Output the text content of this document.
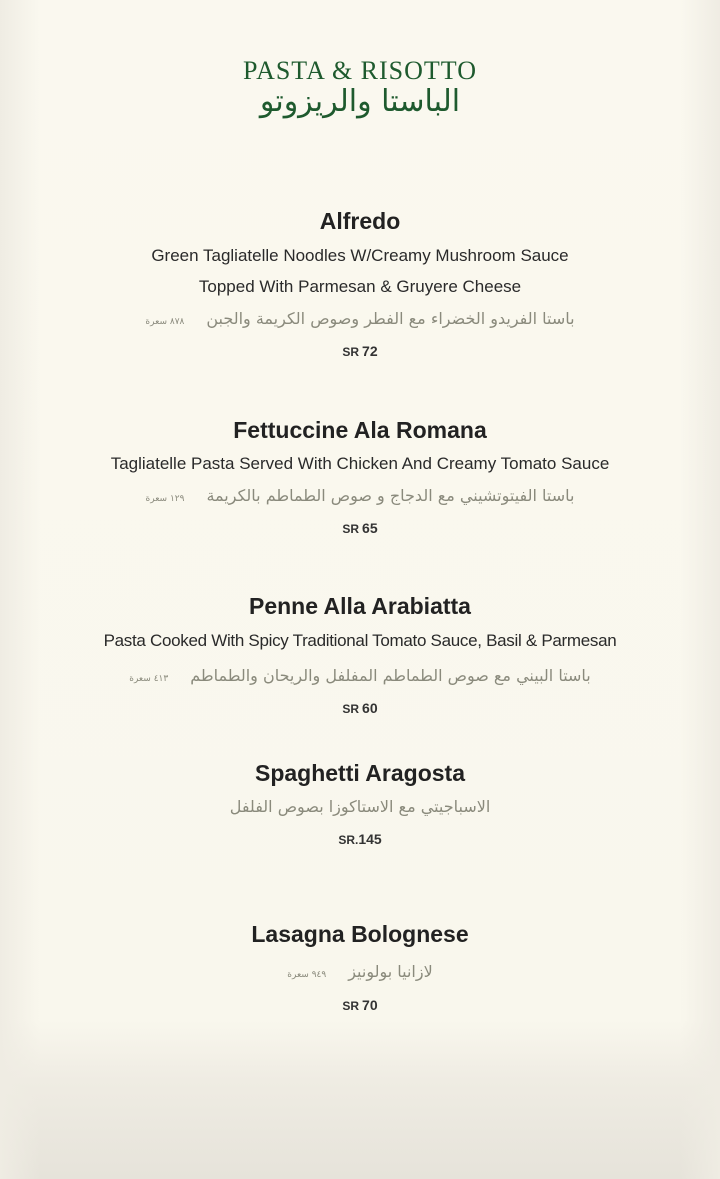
PASTA & RISOTTO
الباستا والريزوتو
Alfredo
Green Tagliatelle Noodles W/Creamy Mushroom Sauce
Topped With Parmesan & Gruyere Cheese
باستا الفريدو الخضراء مع الفطر وصوص الكريمة والجبن٨٧٨ سعرة
SR 72
Fettuccine Ala Romana
Tagliatelle Pasta Served With Chicken And Creamy Tomato Sauce
باستا الفيتوتشيني مع الدجاج و صوص الطماطم بالكريمة١٢٩ سعرة
SR 65
Penne Alla Arabiatta
Pasta Cooked With Spicy Traditional Tomato Sauce, Basil & Parmesan
باستا البيني مع صوص الطماطم المفلفل والريحان والطماطم٤١٣ سعرة
SR 60
Spaghetti Aragosta
الاسباجيتي مع الاستاكوزا بصوص الفلفل
SR.145
Lasagna Bolognese
لازانيا بولونيز٩٤٩ سعرة
SR 70
